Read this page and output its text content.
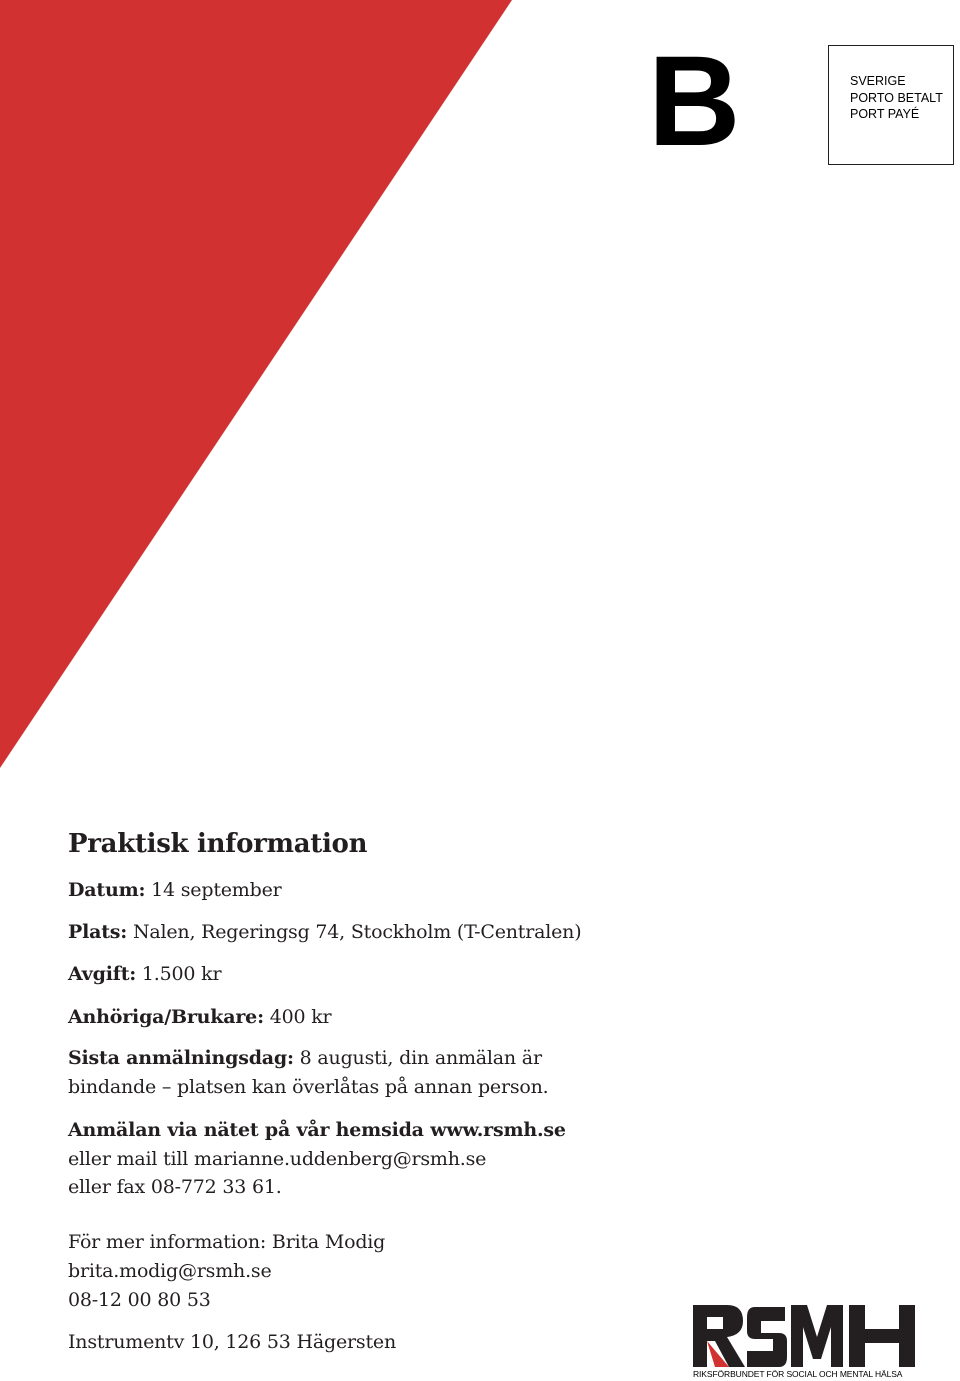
B	SVERIGE
PORTO BETALT
PORT PAYÉ
Praktisk information
Datum: 14 september
Plats: Nalen, Regeringsg 74, Stockholm (T-Centralen)
Avgift: 1.500 kr
Anhöriga/Brukare: 400 kr
Sista anmälningsdag: 8 augusti, din anmälan är
bindande – platsen kan överlåtas på annan person.
Anmälan via nätet på vår hemsida www.rsmh.se
eller mail till marianne.uddenberg@rsmh.se
eller fax 08-772 33 61.
För mer information: Brita Modig
brita.modig@rsmh.se
08-12 00 80 53
Instrumentv 10, 126 53 Hägersten
RIKSFÖRBUNDET FÖR SOCIAL OCH MENTAL HÄLSA
